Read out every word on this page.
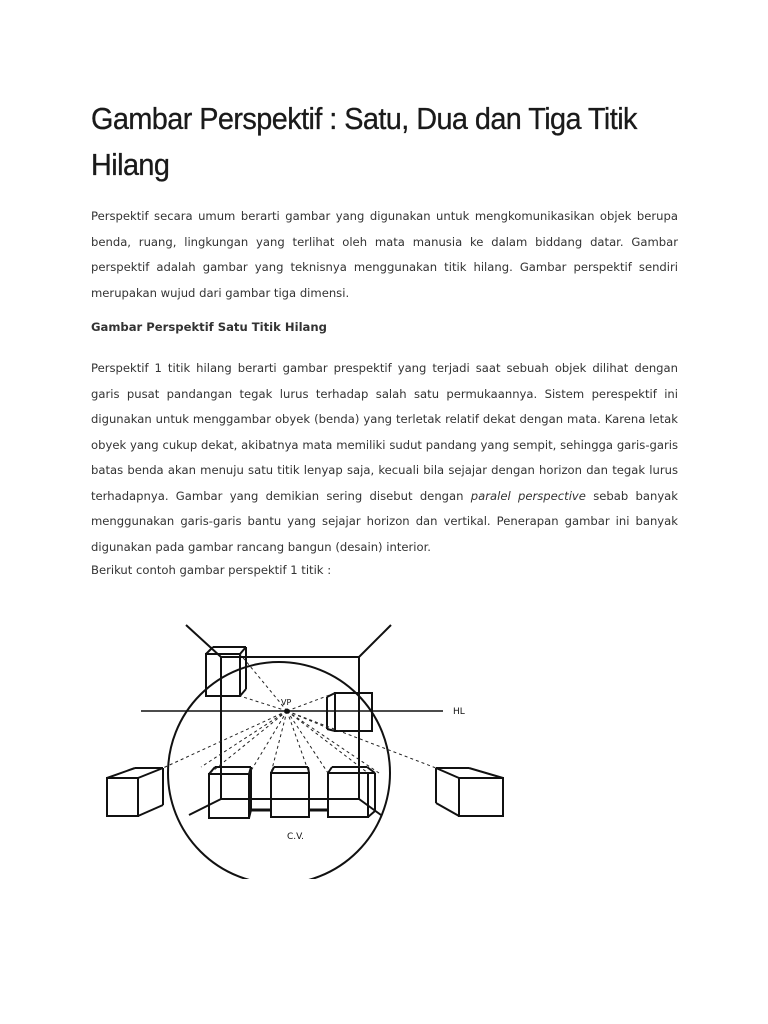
Gambar Perspektif : Satu, Dua dan Tiga Titik Hilang

Perspektif secara umum berarti gambar yang digunakan untuk mengkomunikasikan objek berupa benda, ruang, lingkungan yang terlihat oleh mata manusia ke dalam biddang datar. Gambar perspektif adalah gambar yang teknisnya menggunakan titik hilang. Gambar perspektif sendiri merupakan wujud dari gambar tiga dimensi.

Gambar Perspektif Satu Titik Hilang

Perspektif 1 titik hilang berarti gambar prespektif yang terjadi saat sebuah objek dilihat dengan garis pusat pandangan tegak lurus terhadap salah satu permukaannya. Sistem perespektif ini digunakan untuk menggambar obyek (benda) yang terletak relatif dekat dengan mata. Karena letak obyek yang cukup dekat, akibatnya mata memiliki sudut pandang yang sempit, sehingga garis-garis batas benda akan menuju satu titik lenyap saja, kecuali bila sejajar dengan horizon dan tegak lurus terhadapnya. Gambar yang demikian sering disebut dengan paralel perspective sebab banyak menggunakan garis-garis bantu yang sejajar horizon dan vertikal. Penerapan gambar ini banyak digunakan pada gambar rancang bangun (desain) interior.

Berikut contoh gambar perspektif 1 titik :

VP
HL
C.V.
